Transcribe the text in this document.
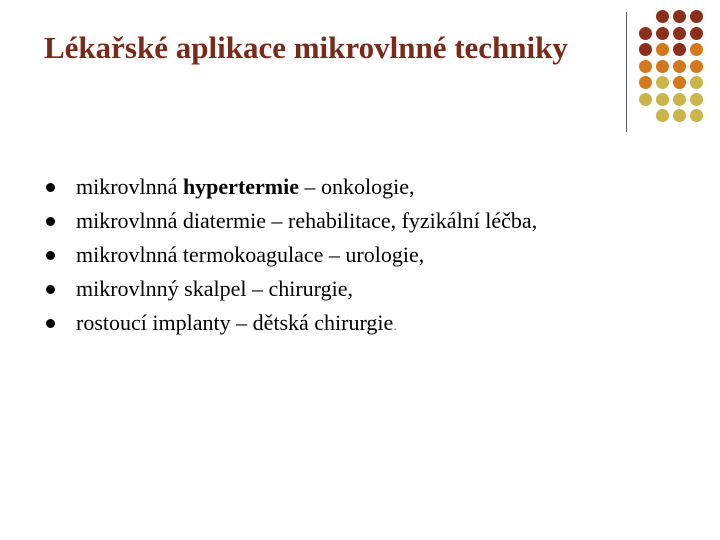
Lékařské aplikace mikrovlnné techniky
mikrovlnná hypertermie – onkologie,
mikrovlnná diatermie – rehabilitace, fyzikální léčba,
mikrovlnná termokoagulace – urologie,
mikrovlnný skalpel – chirurgie,
rostoucí implanty – dětská chirurgie.
